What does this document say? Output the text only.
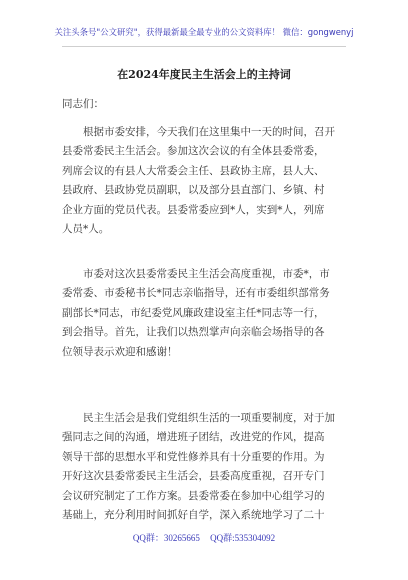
关注头条号"公文研究"，获得最新最全最专业的公文资料库！ 微信：gongwenyj
在2024年度民主生活会上的主持词
同志们：
根据市委安排，今天我们在这里集中一天的时间，召开
县委常委民主生活会。参加这次会议的有全体县委常委，
列席会议的有县人大常委会主任、县政协主席，县人大、
县政府、县政协党员副职，以及部分县直部门、乡镇、村
企业方面的党员代表。县委常委应到*人，实到*人，列席
人员*人。
市委对这次县委常委民主生活会高度重视，市委*，市
委常委、市委秘书长*同志亲临指导，还有市委组织部常务
副部长*同志，市纪委党风廉政建设室主任*同志等一行，
到会指导。首先，让我们以热烈掌声向亲临会场指导的各
位领导表示欢迎和感谢！
民主生活会是我们党组织生活的一项重要制度，对于加
强同志之间的沟通，增进班子团结，改进党的作风，提高
领导干部的思想水平和党性修养具有十分重要的作用。为
开好这次县委常委民主生活会，县委高度重视，召开专门
会议研究制定了工作方案。县委常委在参加中心组学习的
基础上，充分利用时间抓好自学，深入系统地学习了二十
QQ群：30265665 QQ群:535304092
